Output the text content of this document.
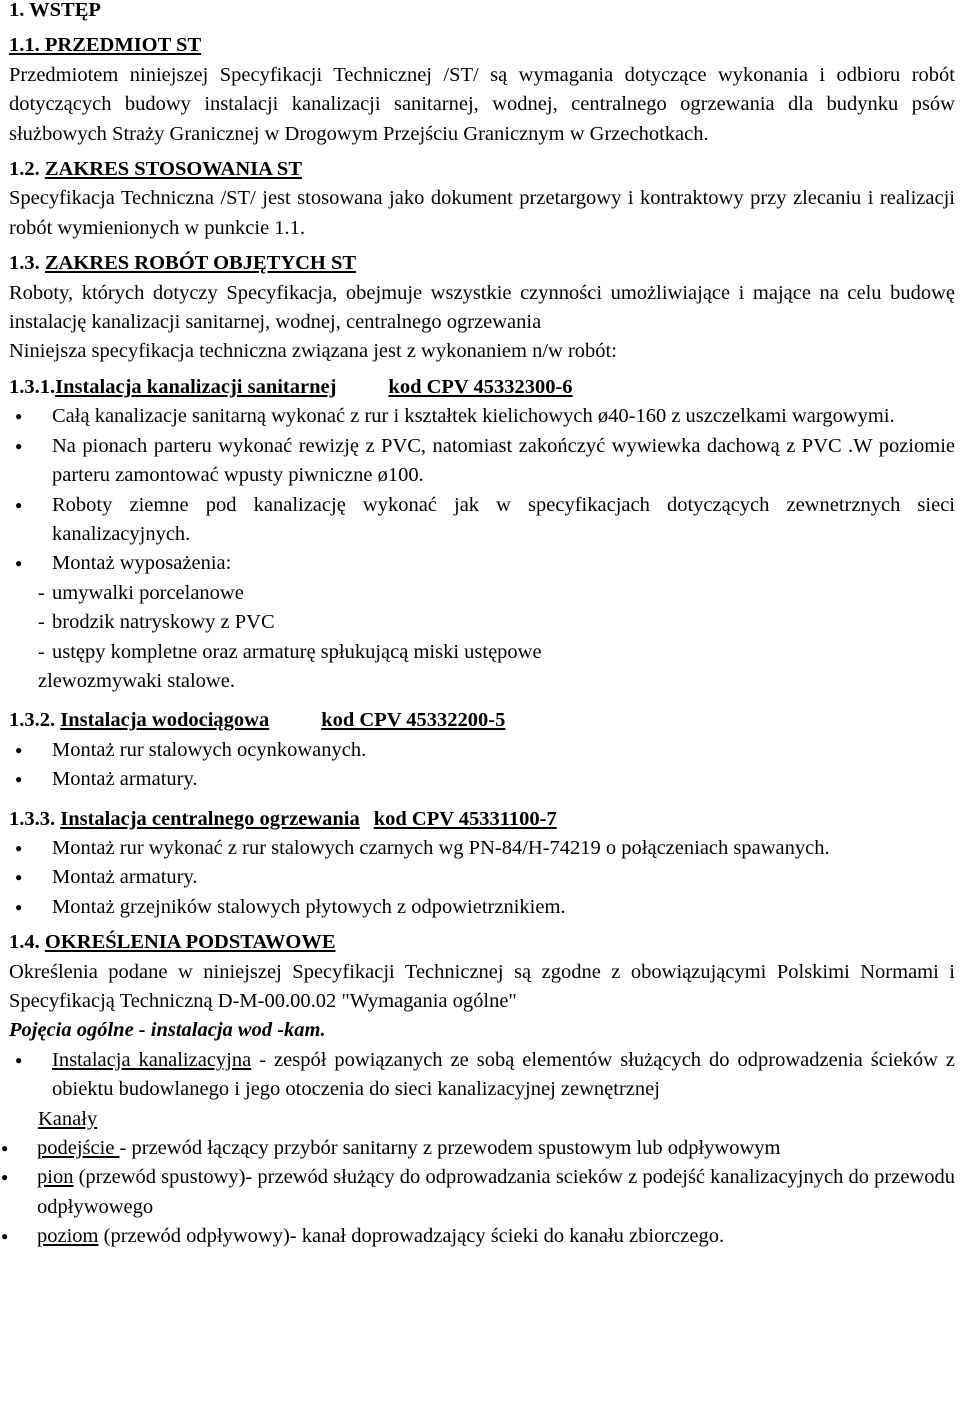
1. WSTĘP

1.1. PRZEDMIOT ST

Przedmiotem niniejszej Specyfikacji Technicznej /ST/ są wymagania dotyczące wykonania i odbioru robót dotyczących budowy instalacji kanalizacji sanitarnej, wodnej, centralnego ogrzewania dla budynku psów służbowych Straży Granicznej w Drogowym Przejściu Granicznym w Grzechotkach.

1.2. ZAKRES STOSOWANIA ST

Specyfikacja Techniczna /ST/ jest stosowana jako dokument przetargowy i kontraktowy przy zlecaniu i realizacji robót wymienionych w punkcie 1.1.

1.3. ZAKRES ROBÓT OBJĘTYCH ST

Roboty, których dotyczy Specyfikacja, obejmuje wszystkie czynności umożliwiające i mające na celu budowę instalację kanalizacji sanitarnej, wodnej, centralnego ogrzewania

Niniejsza specyfikacja techniczna związana jest z wykonaniem n/w robót:

1.3.1.Instalacja kanalizacji sanitarnej	kod CPV 45332300-6

● Całą kanalizacje sanitarną wykonać z rur i kształtek kielichowych ø40-160 z uszczelkami wargowymi.

● Na pionach parteru wykonać rewizję z PVC, natomiast zakończyć wywiewka dachową z PVC .W poziomie parteru zamontować wpusty piwniczne ø100.

● Roboty ziemne pod kanalizację wykonać jak w specyfikacjach dotyczących zewnetrznych sieci kanalizacyjnych.

● Montaż wyposażenia:

- umywalki porcelanowe

- brodzik natryskowy z PVC

- ustępy kompletne oraz armaturę spłukującą miski ustępowe

zlewozmywaki stalowe.

1.3.2. Instalacja wodociągowa	kod CPV 45332200-5

● Montaż rur stalowych ocynkowanych.

● Montaż armatury.

1.3.3. Instalacja centralnego ogrzewania kod CPV 45331100-7

● Montaż rur wykonać z rur stalowych czarnych wg PN-84/H-74219 o połączeniach spawanych.

● Montaż armatury.

● Montaż grzejników stalowych płytowych z odpowietrznikiem.

1.4. OKREŚLENIA PODSTAWOWE

Określenia podane w niniejszej Specyfikacji Technicznej są zgodne z obowiązującymi Polskimi Normami i Specyfikacją Techniczną D-M-00.00.02 "Wymagania ogólne"

Pojęcia ogólne - instalacja wod -kam.

● Instalacja kanalizacyjna - zespół powiązanych ze sobą elementów służących do odprowadzenia ścieków z obiektu budowlanego i jego otoczenia do sieci kanalizacyjnej zewnętrznej

Kanały

● podejście - przewód łączący przybór sanitarny z przewodem spustowym lub odpływowym

● pion (przewód spustowy)- przewód służący do odprowadzania scieków z podejść kanalizacyjnych do przewodu odpływowego

● poziom (przewód odpływowy)- kanał doprowadzający ścieki do kanału zbiorczego.
